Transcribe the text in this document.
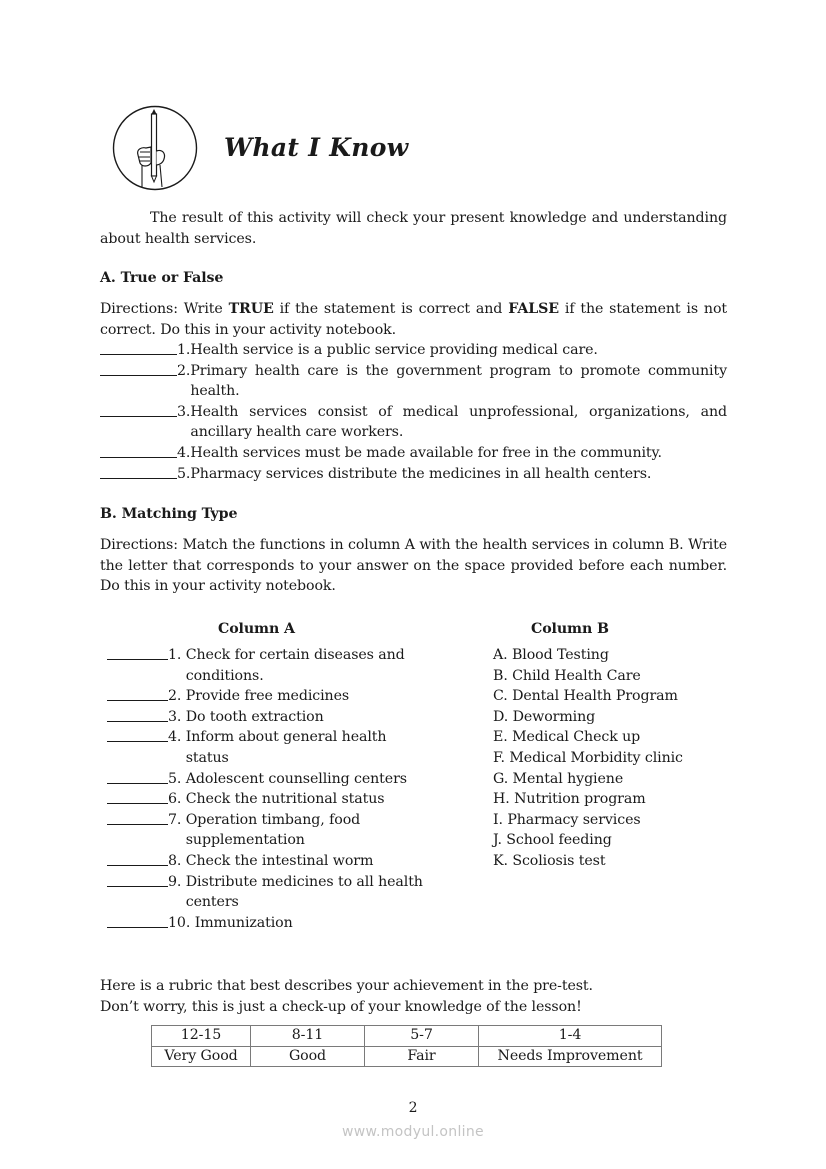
What I Know
The result of this activity will check your present knowledge and understanding about health services.
A. True or False
Directions: Write TRUE if the statement is correct and FALSE if the statement is not correct. Do this in your activity notebook.
1. Health service is a public service providing medical care.
2. Primary health care is the government program to promote community health.
3. Health services consist of medical unprofessional, organizations, and ancillary health care workers.
4. Health services must be made available for free in the community.
5. Pharmacy services distribute the medicines in all health centers.
B. Matching Type
Directions: Match the functions in column A with the health services in column B. Write the letter that corresponds to your answer on the space provided before each number. Do this in your activity notebook.
Column A	Column B
1. Check for certain diseases and conditions.
2. Provide free medicines
3. Do tooth extraction
4. Inform about general health status
5. Adolescent counselling centers
6. Check the nutritional status
7. Operation timbang, food supplementation
8. Check the intestinal worm
9. Distribute medicines to all health centers
10. Immunization
A. Blood Testing
B. Child Health Care
C. Dental Health Program
D. Deworming
E. Medical Check up
F. Medical Morbidity clinic
G. Mental hygiene
H. Nutrition program
I. Pharmacy services
J. School feeding
K. Scoliosis test
Here is a rubric that best describes your achievement in the pre-test.
Don’t worry, this is just a check-up of your knowledge of the lesson!
12-15	8-11	5-7	1-4
Very Good	Good	Fair	Needs Improvement
2
www.modyul.online
